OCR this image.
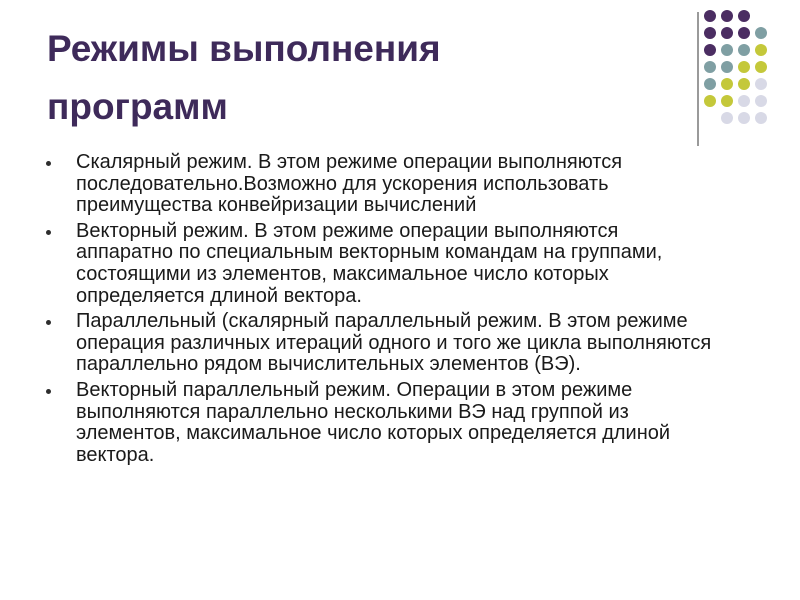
Режимы выполнения
программ
Скалярный режим. В этом режиме операции выполняются последовательно.Возможно для ускорения использовать преимущества конвейризации вычислений
Векторный режим. В этом режиме операции выполняются аппаратно по специальным векторным командам на группами, состоящими из элементов, максимальное число которых определяется длиной вектора.
Параллельный (скалярный параллельный режим. В этом режиме операция различных итераций одного и того же цикла выполняются параллельно рядом вычислительных элементов (ВЭ).
Векторный параллельный режим. Операции в этом режиме выполняются параллельно несколькими ВЭ над группой из элементов, максимальное число которых определяется длиной вектора.
